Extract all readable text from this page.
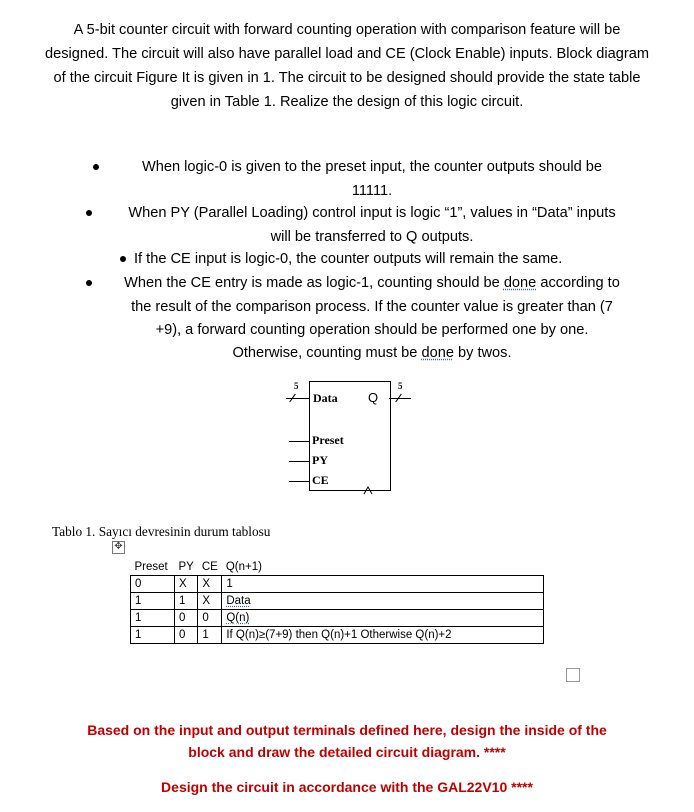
A 5-bit counter circuit with forward counting operation with comparison feature will be designed. The circuit will also have parallel load and CE (Clock Enable) inputs. Block diagram of the circuit Figure It is given in 1. The circuit to be designed should provide the state table given in Table 1. Realize the design of this logic circuit.
When logic-0 is given to the preset input, the counter outputs should be
11111.
When PY (Parallel Loading) control input is logic “1”, values in “Data” inputs
will be transferred to Q outputs.
If the CE input is logic-0, the counter outputs will remain the same.
When the CE entry is made as logic-1, counting should be done according to
the result of the comparison process. If the counter value is greater than (7
+9), a forward counting operation should be performed one by one.
Otherwise, counting must be done by twos.
5
Data Q
5
Preset
PY
CE
Tablo 1. Sayıcı devresinin durum tablosu
✥
Preset	PY	CE	Q(n+1)
0	X	X	1
1	1	X	Data
1	0	0	Q(n)
1	0	1	If Q(n)≥(7+9) then Q(n)+1 Otherwise Q(n)+2
Based on the input and output terminals defined here, design the inside of the
block and draw the detailed circuit diagram. ****
Design the circuit in accordance with the GAL22V10 ****
